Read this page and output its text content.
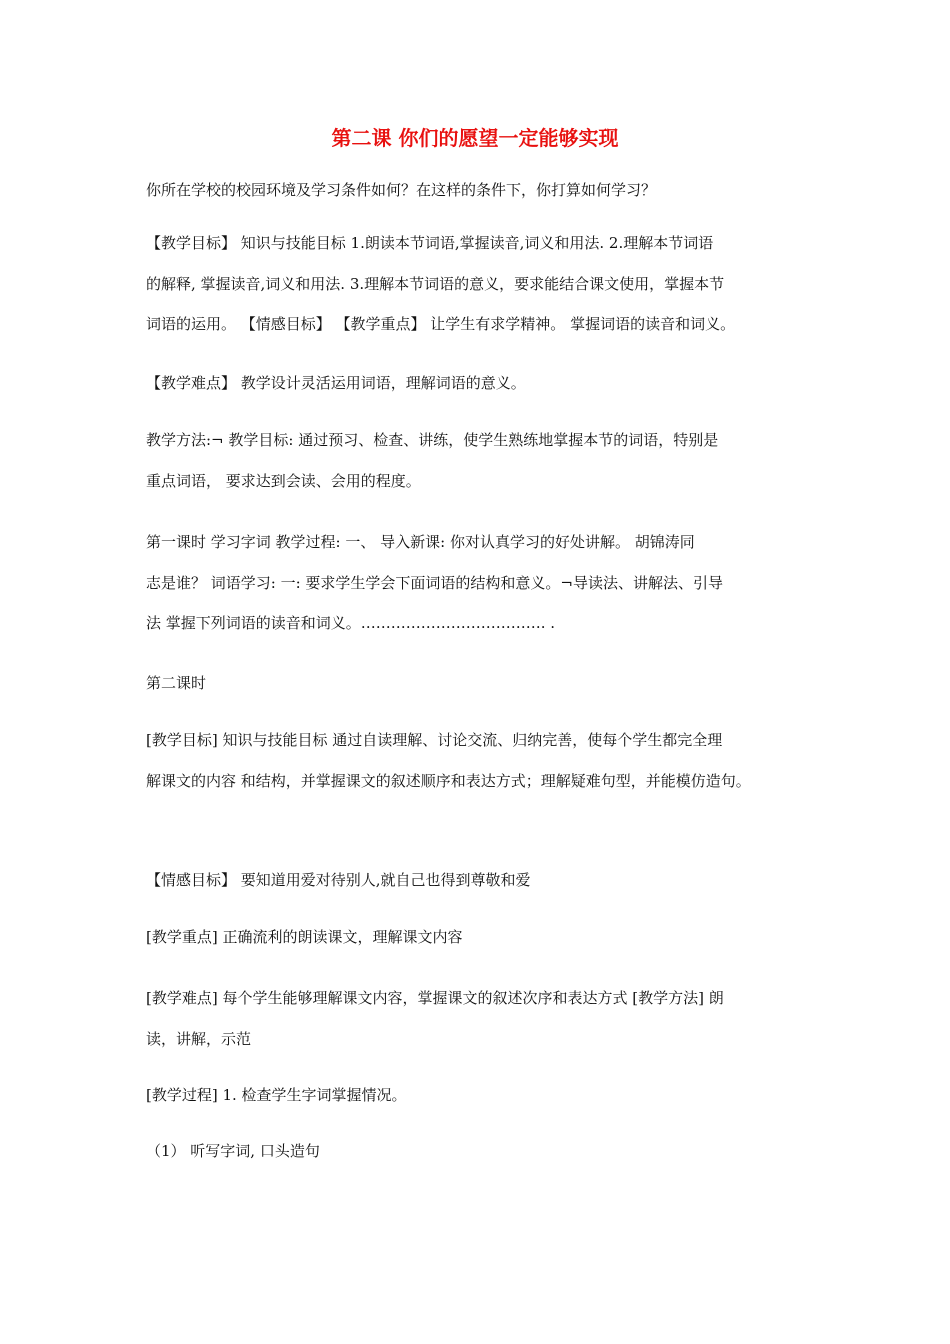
第二课 你们的愿望一定能够实现
你所在学校的校园环境及学习条件如何？在这样的条件下，你打算如何学习？
【教学目标】 知识与技能目标 1.朗读本节词语,掌握读音,词义和用法. 2.理解本节词语
的解释, 掌握读音,词义和用法. 3.理解本节词语的意义，要求能结合课文使用，掌握本节
词语的运用。 【情感目标】 【教学重点】 让学生有求学精神。 掌握词语的读音和词义。
【教学难点】 教学设计灵活运用词语，理解词语的意义。
教学方法:¬ 教学目标: 通过预习、检查、讲练，使学生熟练地掌握本节的词语，特别是
重点词语， 要求达到会读、会用的程度。
第一课时 学习字词 教学过程: 一、 导入新课: 你对认真学习的好处讲解。 胡锦涛同
志是谁？ 词语学习: 一: 要求学生学会下面词语的结构和意义。¬导读法、讲解法、引导
法 掌握下列词语的读音和词义。………………………………. .
第二课时
[教学目标] 知识与技能目标 通过自读理解、讨论交流、归纳完善，使每个学生都完全理
解课文的内容 和结构，并掌握课文的叙述顺序和表达方式；理解疑难句型，并能模仿造句。
【情感目标】 要知道用爱对待别人,就自己也得到尊敬和爱
[教学重点] 正确流利的朗读课文，理解课文内容
[教学难点] 每个学生能够理解课文内容，掌握课文的叙述次序和表达方式 [教学方法] 朗
读，讲解，示范
[教学过程] 1. 检查学生字词掌握情况。
（1） 听写字词, 口头造句
